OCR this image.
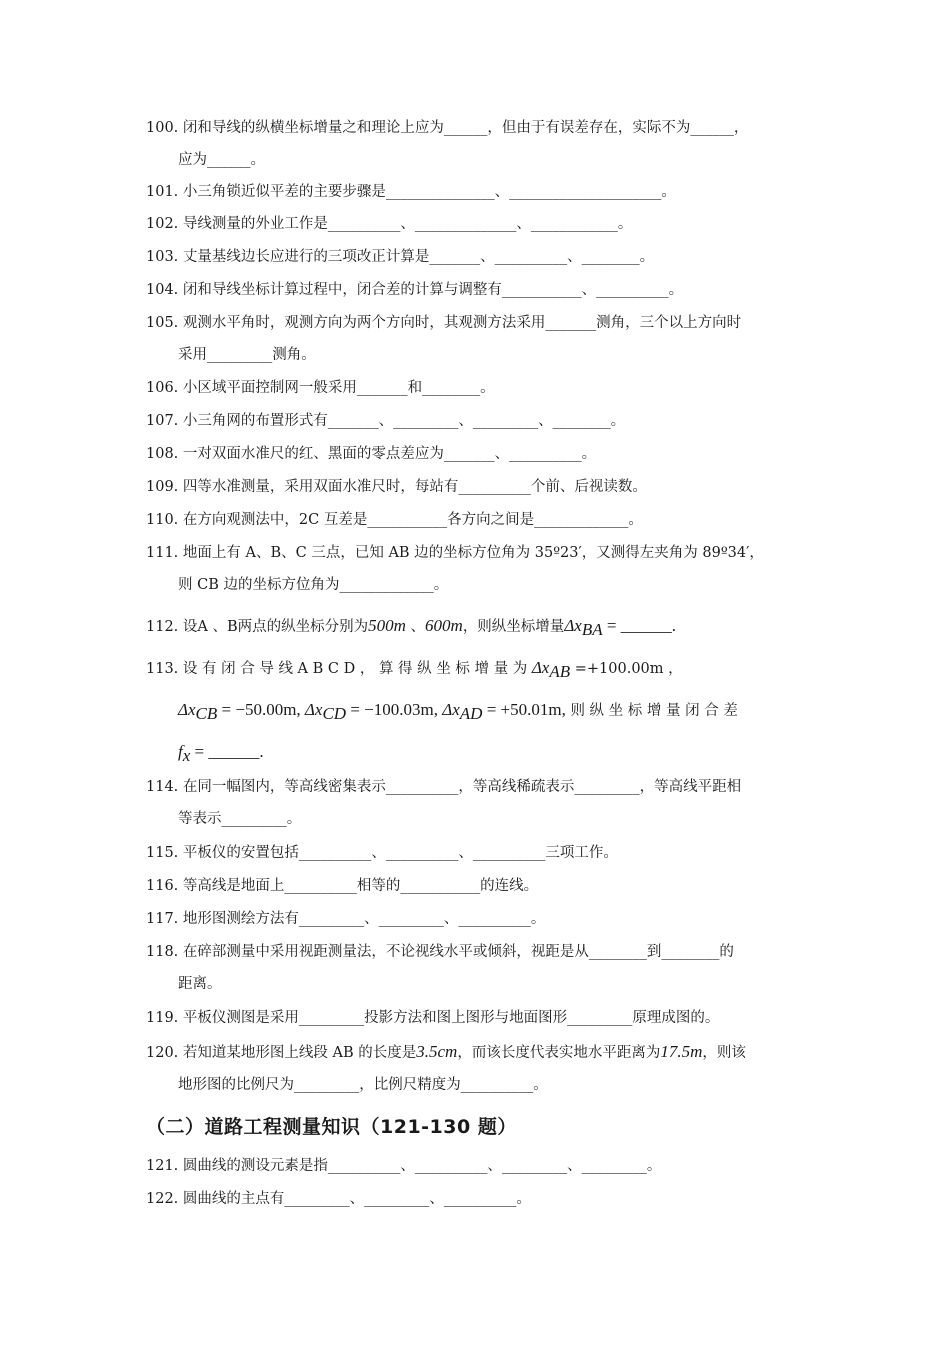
100. 闭和导线的纵横坐标增量之和理论上应为______，但由于有误差存在，实际不为______，
应为______。
101. 小三角锁近似平差的主要步骤是_______________、_____________________。
102. 导线测量的外业工作是__________、______________、____________。
103. 丈量基线边长应进行的三项改正计算是_______、__________、________。
104. 闭和导线坐标计算过程中，闭合差的计算与调整有___________、__________。
105. 观测水平角时，观测方向为两个方向时，其观测方法采用_______测角，三个以上方向时
采用_________测角。
106. 小区域平面控制网一般采用_______和________。
107. 小三角网的布置形式有_______、_________、_________、________。
108. 一对双面水准尺的红、黑面的零点差应为_______、__________。
109. 四等水准测量，采用双面水准尺时，每站有__________个前、后视读数。
110. 在方向观测法中，2C 互差是___________各方向之间是_____________。
111. 地面上有 A、B、C 三点，已知 AB 边的坐标方位角为 35º23′，又测得左夹角为 89º34′，
则 CB 边的坐标方位角为_____________。
112. 设A 、B两点的纵坐标分别为500m 、600m，则纵坐标增量$\Delta x_{BA}$ = ______.
113. 设 有 闭 合 导 线 A B C D ， 算 得 纵 坐 标 增 量 为 $\Delta x_{AB} =+100.00m$ ，
$\Delta x_{CB} = -50.00m$, $\Delta x_{CD} = -100.03m$, $\Delta x_{AD} = +50.01m$, 则 纵 坐 标 增 量 闭 合 差
$f_x$ = ______.
114. 在同一幅图内，等高线密集表示__________，等高线稀疏表示_________，等高线平距相
等表示_________。
115. 平板仪的安置包括__________、__________、__________三项工作。
116. 等高线是地面上__________相等的___________的连线。
117. 地形图测绘方法有_________、_________、__________。
118. 在碎部测量中采用视距测量法，不论视线水平或倾斜，视距是从________到________的
距离。
119. 平板仪测图是采用_________投影方法和图上图形与地面图形_________原理成图的。
120. 若知道某地形图上线段 AB 的长度是3.5cm，而该长度代表实地水平距离为17.5m，则该
地形图的比例尺为_________，比例尺精度为__________。
（二）道路工程测量知识（121-130 题）
121. 圆曲线的测设元素是指__________、__________、_________、_________。
122. 圆曲线的主点有_________、_________、__________。
